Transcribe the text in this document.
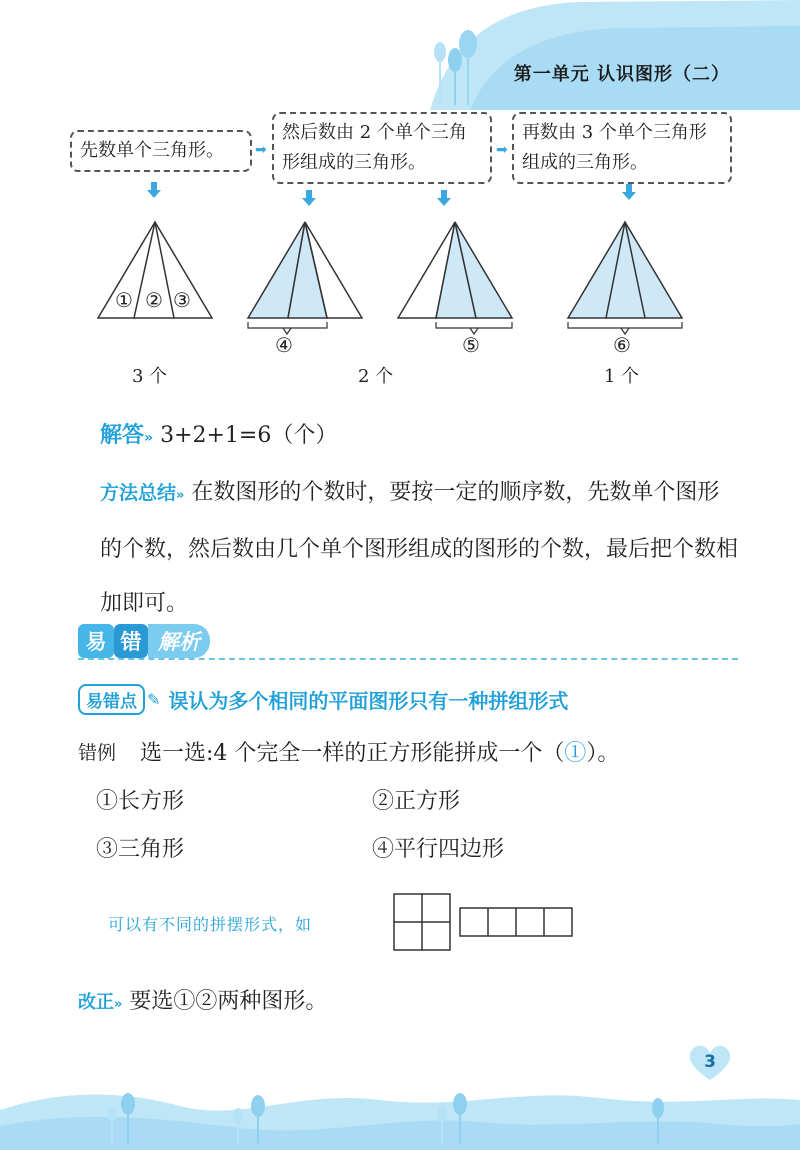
第一单元 认识图形（二）
先数单个三角形。	➡
然后数由 2 个单个三角形组成的三角形。
➡
再数由 3 个单个三角形组成的三角形。
① ② ③
④	⑤	⑥
3 个	2 个	1 个
解答» 3+2+1=6（个）
方法总结» 在数图形的个数时，要按一定的顺序数，先数单个图形的个数，然后数由几个单个图形组成的图形的个数，最后把个数相加即可。
易 错 解析
易错点 ✎ 误认为多个相同的平面图形只有一种拼组形式
错例 选一选:4 个完全一样的正方形能拼成一个（①）。
①长方形	②正方形
③三角形	④平行四边形
可以有不同的拼摆形式，如
改正» 要选①②两种图形。
3
